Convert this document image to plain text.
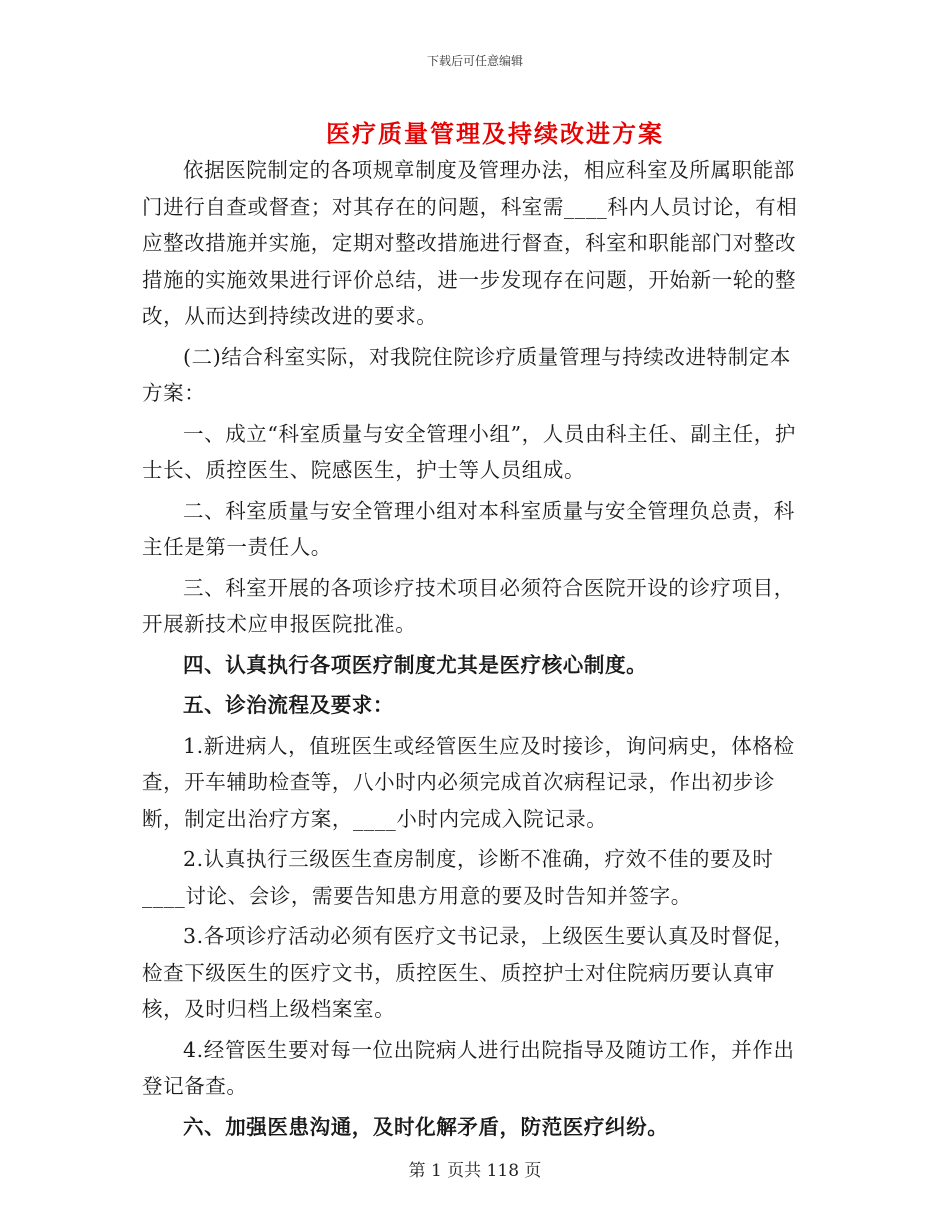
下载后可任意编辑
医疗质量管理及持续改进方案

依据医院制定的各项规章制度及管理办法，相应科室及所属职能部门进行自查或督查；对其存在的问题，科室需____科内人员讨论，有相应整改措施并实施，定期对整改措施进行督查，科室和职能部门对整改措施的实施效果进行评价总结，进一步发现存在问题，开始新一轮的整改，从而达到持续改进的要求。

(二)结合科室实际，对我院住院诊疗质量管理与持续改进特制定本方案：

一、成立“科室质量与安全管理小组”，人员由科主任、副主任，护士长、质控医生、院感医生，护士等人员组成。

二、科室质量与安全管理小组对本科室质量与安全管理负总责，科主任是第一责任人。

三、科室开展的各项诊疗技术项目必须符合医院开设的诊疗项目，开展新技术应申报医院批准。

四、认真执行各项医疗制度尤其是医疗核心制度。

五、诊治流程及要求：

1.新进病人，值班医生或经管医生应及时接诊，询问病史，体格检查，开车辅助检查等，八小时内必须完成首次病程记录，作出初步诊断，制定出治疗方案，____小时内完成入院记录。

2.认真执行三级医生查房制度，诊断不准确，疗效不佳的要及时____讨论、会诊，需要告知患方用意的要及时告知并签字。

3.各项诊疗活动必须有医疗文书记录，上级医生要认真及时督促，检查下级医生的医疗文书，质控医生、质控护士对住院病历要认真审核，及时归档上级档案室。

4.经管医生要对每一位出院病人进行出院指导及随访工作，并作出登记备查。

六、加强医患沟通，及时化解矛盾，防范医疗纠纷。

第 1 页共 118 页
